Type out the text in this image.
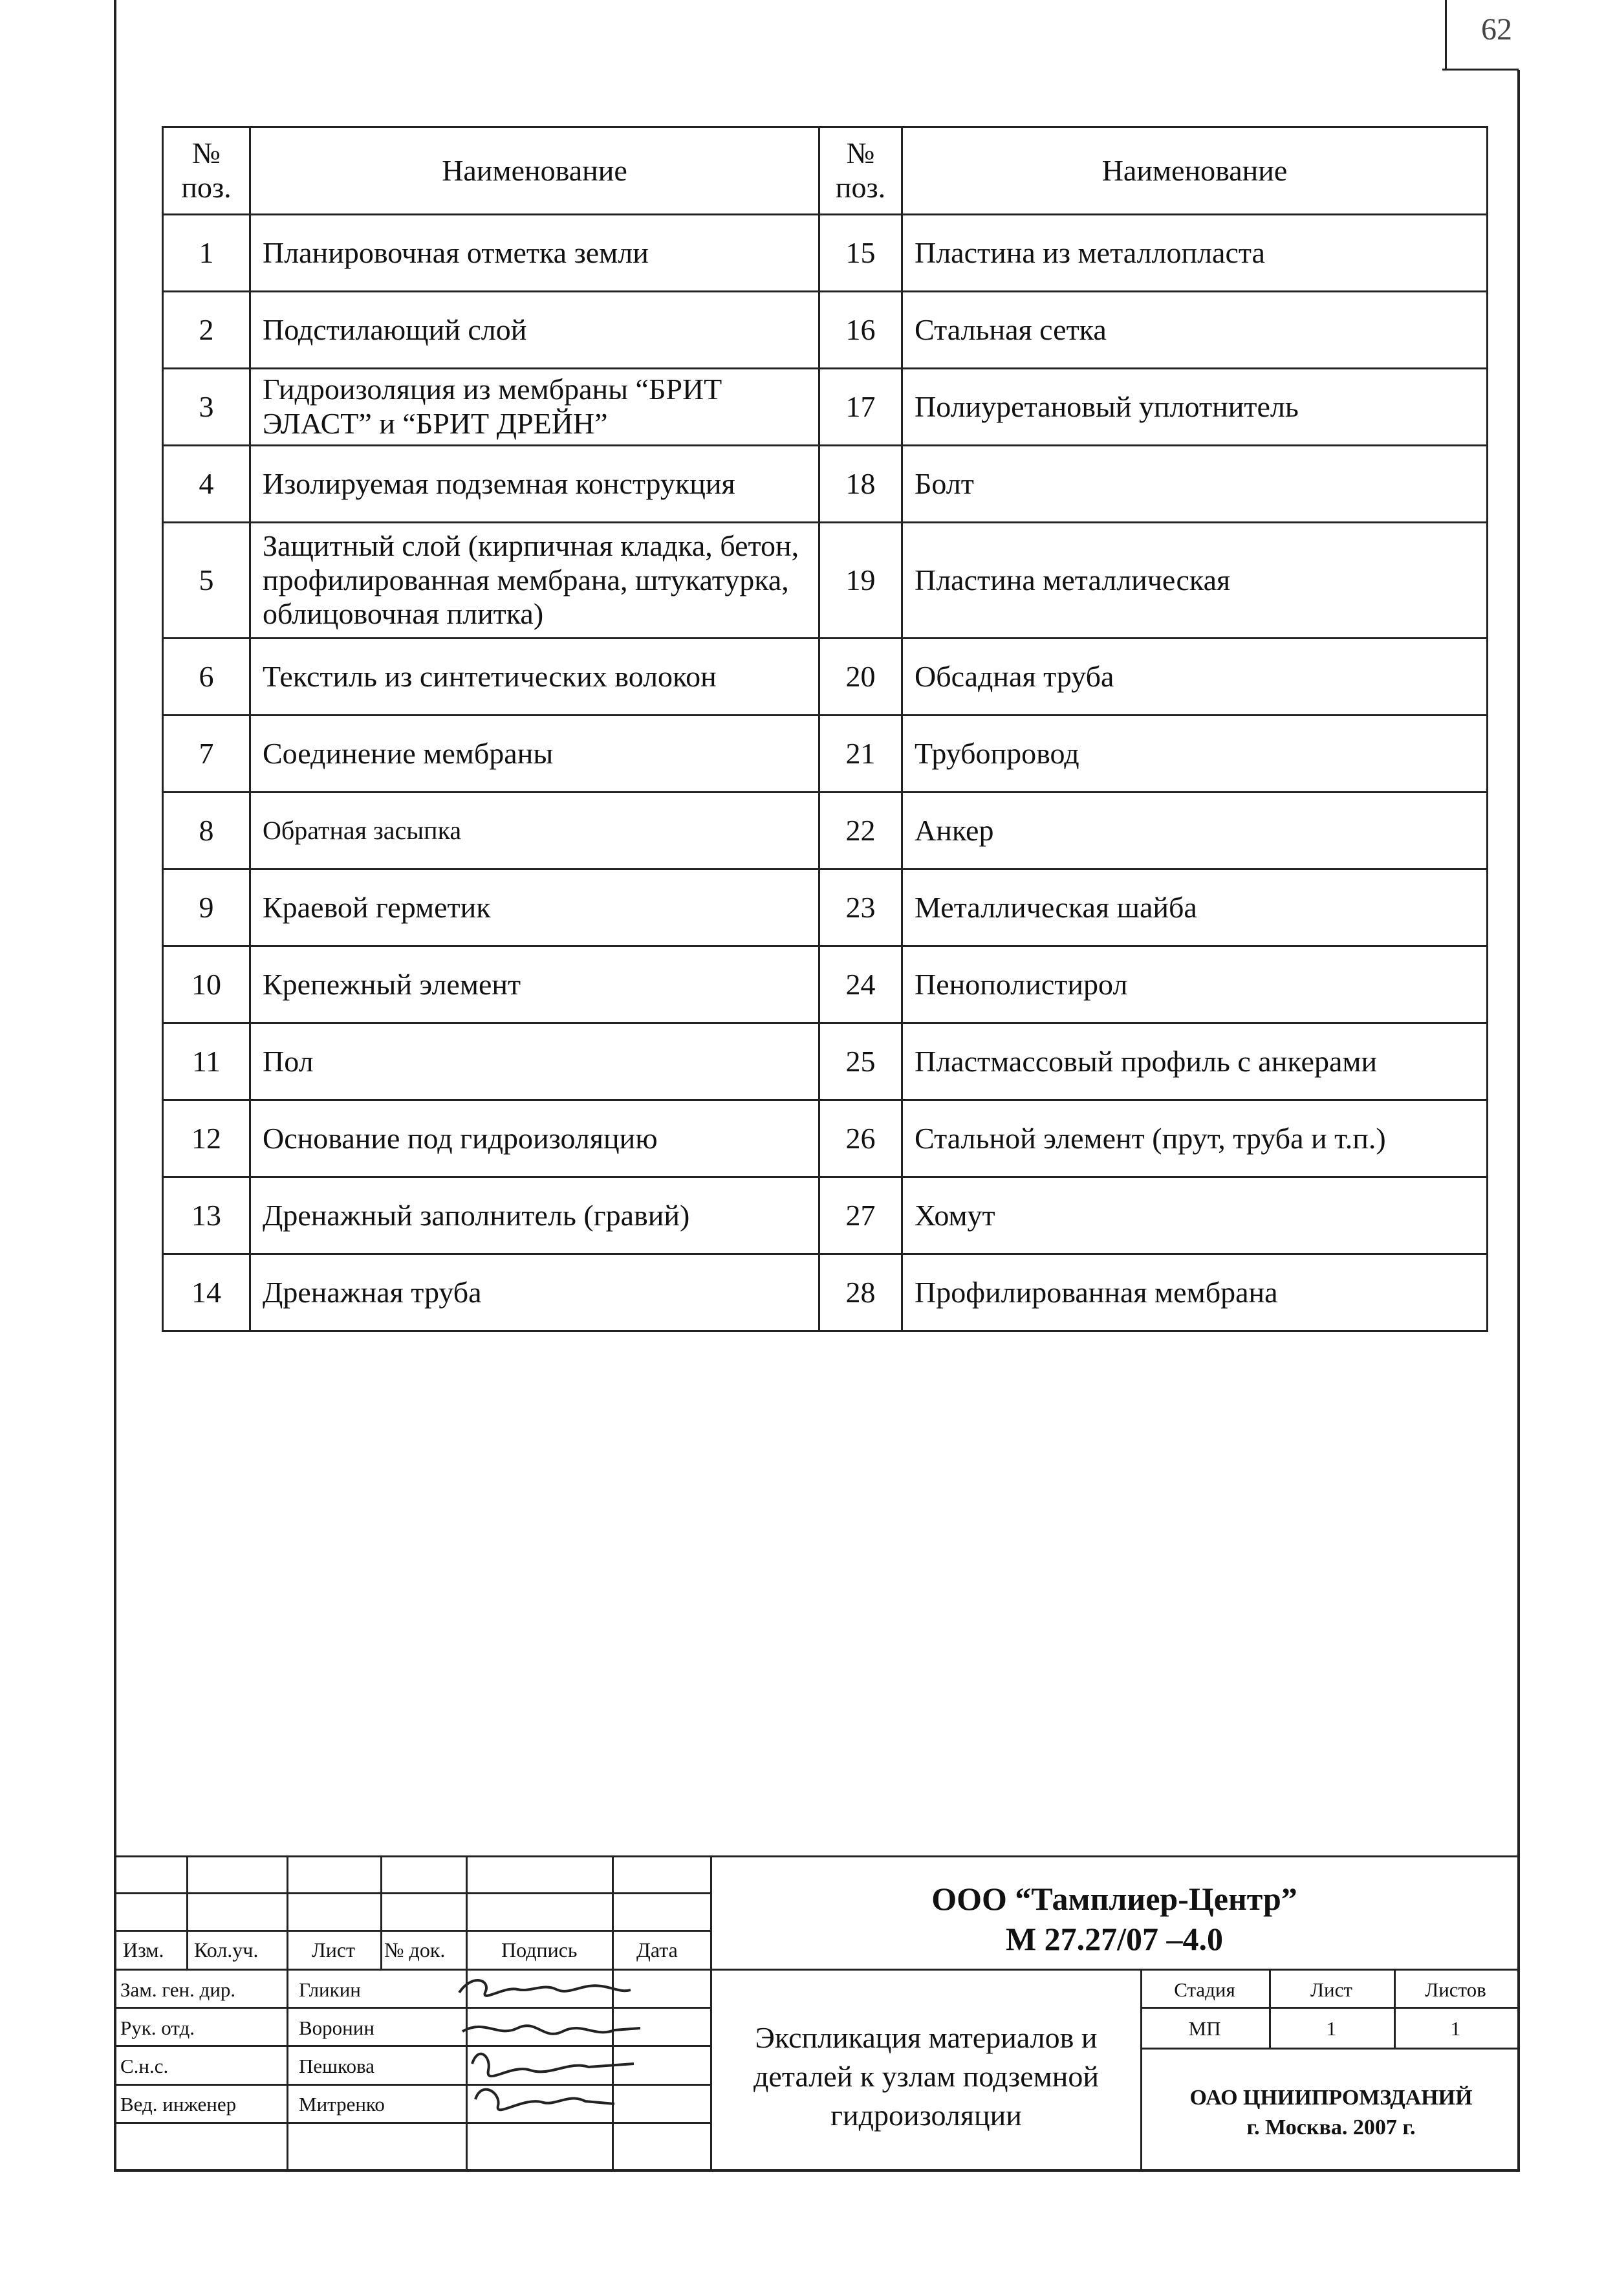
62
№ поз.	Наименование	№ поз.	Наименование
1	Планировочная отметка земли	15	Пластина из металлопласта
2	Подстилающий слой	16	Стальная сетка
3	Гидроизоляция из мембраны “БРИТ ЭЛАСТ” и “БРИТ ДРЕЙН”	17	Полиуретановый уплотнитель
4	Изолируемая подземная конструкция	18	Болт
5	Защитный слой (кирпичная кладка, бетон, профилированная мембрана, штукатурка, облицовочная плитка)	19	Пластина металлическая
6	Текстиль из синтетических волокон	20	Обсадная труба
7	Соединение мембраны	21	Трубопровод
8	Обратная засыпка	22	Анкер
9	Краевой герметик	23	Металлическая шайба
10	Крепежный элемент	24	Пенополистирол
11	Пол	25	Пластмассовый профиль с анкерами
12	Основание под гидроизоляцию	26	Стальной элемент (прут, труба и т.п.)
13	Дренажный заполнитель (гравий)	27	Хомут
14	Дренажная труба	28	Профилированная мембрана
Изм. Кол.уч.	Лист № док.	Подпись	Дата
ООО “Тамплиер-Центр”
М 27.27/07 –4.0
Зам. ген. дир.	Гликин
Рук. отд.	Воронин
С.н.с.	Пешкова
Вед. инженер	Митренко
Экспликация материалов и деталей к узлам подземной гидроизоляции
Стадия	Лист	Листов
МП	1	1
ОАО ЦНИИПРОМЗДАНИЙ
г. Москва. 2007 г.
